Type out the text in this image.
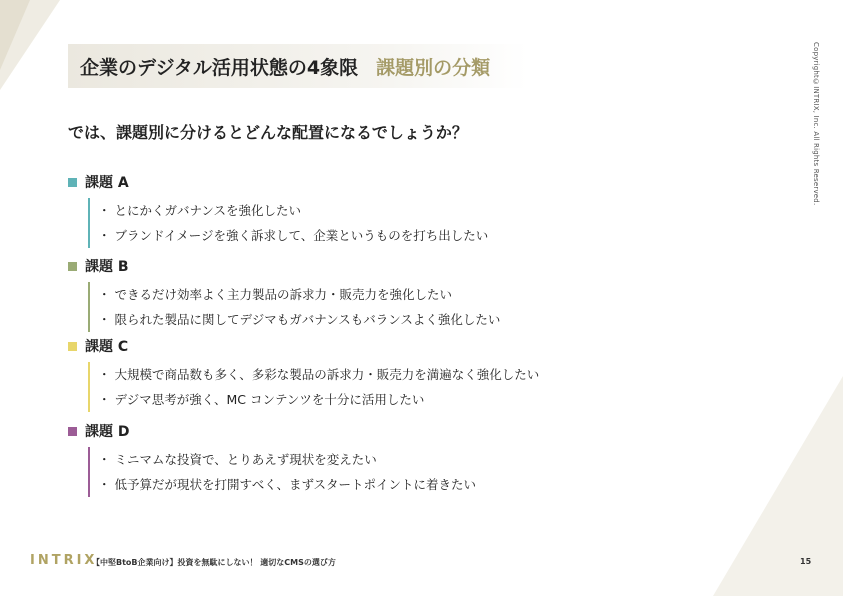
企業のデジタル活用状態の4象限 課題別の分類	Copyright©INTRIX, Inc. All Rights Reserved.
では、課題別に分けるとどんな配置になるでしょうか？
課題 A
・ とにかくガバナンスを強化したい
・ ブランドイメージを強く訴求して、企業というものを打ち出したい
課題 B
・ できるだけ効率よく主力製品の訴求力・販売力を強化したい
・ 限られた製品に関してデジマもガバナンスもバランスよく強化したい
課題 C
・ 大規模で商品数も多く、多彩な製品の訴求力・販売力を満遍なく強化したい
・ デジマ思考が強く、MC コンテンツを十分に活用したい
課題 D
・ ミニマムな投資で、とりあえず現状を変えたい
・ 低予算だが現状を打開すべく、まずスタートポイントに着きたい
INTRIX
【中堅BtoB企業向け】投資を無駄にしない！ 適切なCMSの選び方	15
